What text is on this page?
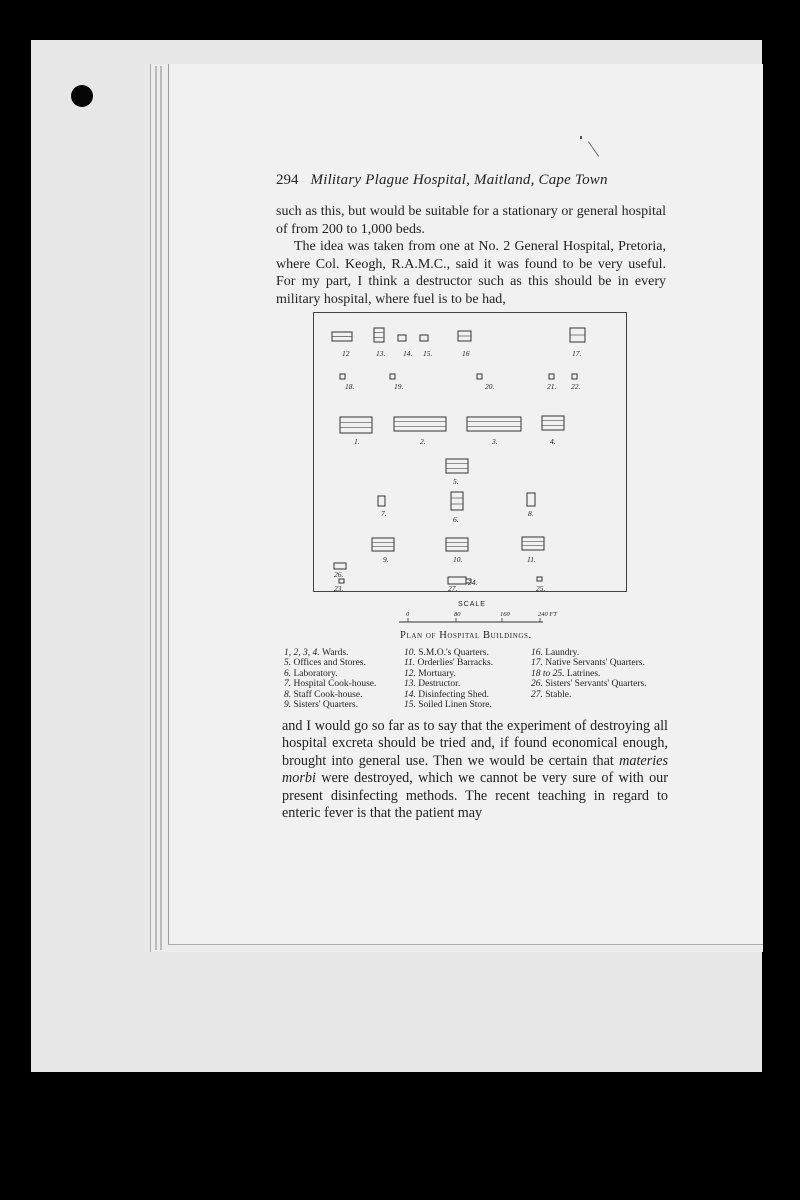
294 Military Plague Hospital, Maitland, Cape Town

such as this, but would be suitable for a stationary or general hospital of from 200 to 1,000 beds.

The idea was taken from one at No. 2 General Hospital, Pretoria, where Col. Keogh, R.A.M.C., said it was found to be very useful. For my part, I think a destructor such as this should be in every military hospital, where fuel is to be had,

12	13. 14. 15.	16	17.
18.	19.	20.	21. 22.
1.	2.	3.	4.
5.
6.
7.	8.
9.	10.	11.
26.
23.
24.
27.	25.
SCALE
0	80	160	240 FT
Plan of Hospital Buildings.
1, 2, 3, 4. Wards.
5. Offices and Stores.
6. Laboratory.
7. Hospital Cook-house.
8. Staff Cook-house.
9. Sisters' Quarters.
10. S.M.O.'s Quarters.
11. Orderlies' Barracks.
12. Mortuary.
13. Destructor.
14. Disinfecting Shed.
15. Soiled Linen Store.
16. Laundry.
17. Native Servants' Quarters.
18 to 25. Latrines.
26. Sisters' Servants' Quarters.
27. Stable.

and I would go so far as to say that the experiment of destroying all hospital excreta should be tried and, if found economical enough, brought into general use. Then we would be certain that materies morbi were destroyed, which we cannot be very sure of with our present disinfecting methods. The recent teaching in regard to enteric fever is that the patient may
